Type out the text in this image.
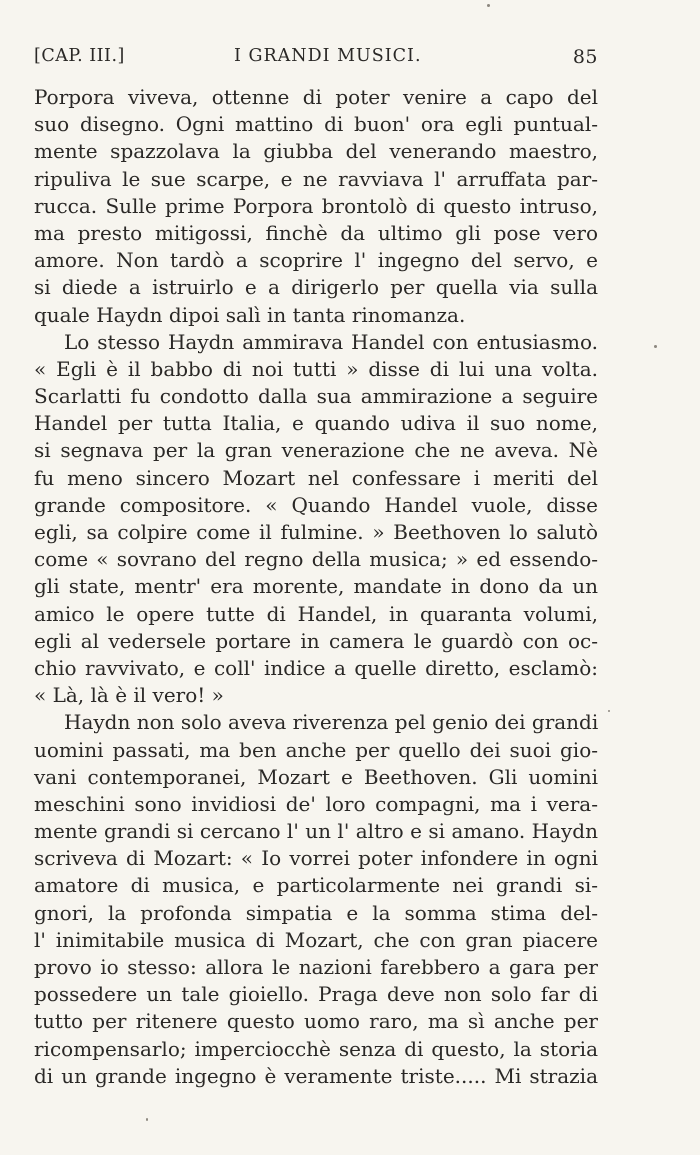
[CAP. III.]	I GRANDI MUSICI.	85
Porpora viveva, ottenne di poter venire a capo del
suo disegno. Ogni mattino di buon' ora egli puntual-
mente spazzolava la giubba del venerando maestro,
ripuliva le sue scarpe, e ne ravviava l' arruffata par-
rucca. Sulle prime Porpora brontolò di questo intruso,
ma presto mitigossi, finchè da ultimo gli pose vero
amore. Non tardò a scoprire l' ingegno del servo, e
si diede a istruirlo e a dirigerlo per quella via sulla
quale Haydn dipoi salì in tanta rinomanza.
Lo stesso Haydn ammirava Handel con entusiasmo.
« Egli è il babbo di noi tutti » disse di lui una volta.
Scarlatti fu condotto dalla sua ammirazione a seguire
Handel per tutta Italia, e quando udiva il suo nome,
si segnava per la gran venerazione che ne aveva. Nè
fu meno sincero Mozart nel confessare i meriti del
grande compositore. « Quando Handel vuole, disse
egli, sa colpire come il fulmine. » Beethoven lo salutò
come « sovrano del regno della musica; » ed essendo-
gli state, mentr' era morente, mandate in dono da un
amico le opere tutte di Handel, in quaranta volumi,
egli al vedersele portare in camera le guardò con oc-
chio ravvivato, e coll' indice a quelle diretto, esclamò:
« Là, là è il vero! »
Haydn non solo aveva riverenza pel genio dei grandi
uomini passati, ma ben anche per quello dei suoi gio-
vani contemporanei, Mozart e Beethoven. Gli uomini
meschini sono invidiosi de' loro compagni, ma i vera-
mente grandi si cercano l' un l' altro e si amano. Haydn
scriveva di Mozart: « Io vorrei poter infondere in ogni
amatore di musica, e particolarmente nei grandi si-
gnori, la profonda simpatia e la somma stima del-
l' inimitabile musica di Mozart, che con gran piacere
provo io stesso: allora le nazioni farebbero a gara per
possedere un tale gioiello. Praga deve non solo far di
tutto per ritenere questo uomo raro, ma sì anche per
ricompensarlo; imperciocchè senza di questo, la storia
di un grande ingegno è veramente triste..... Mi strazia
